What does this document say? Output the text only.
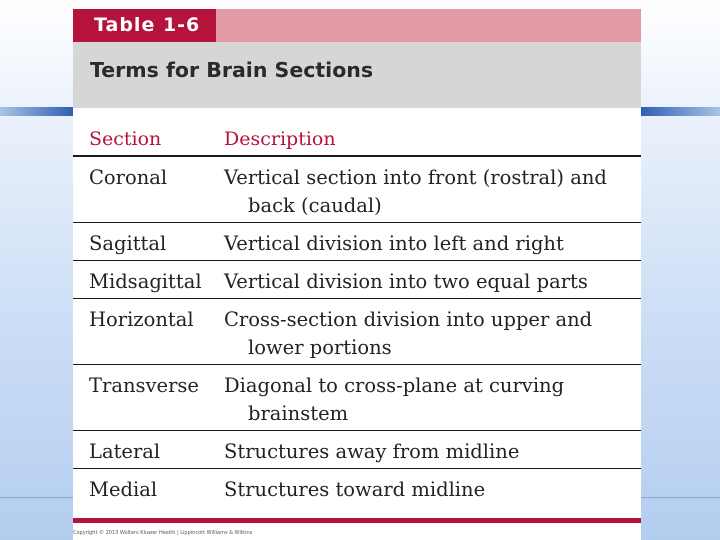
Table 1-6
Terms for Brain Sections
Section	Description
Coronal	Vertical section into front (rostral) and
back (caudal)
Sagittal	Vertical division into left and right
Midsagittal Vertical division into two equal parts
Horizontal Cross-section division into upper and
lower portions
Transverse Diagonal to cross-plane at curving
brainstem
Lateral	Structures away from midline
Medial	Structures toward midline
Copyright © 2013 Wolters Kluwer Health | Lippincott Williams & Wilkins
